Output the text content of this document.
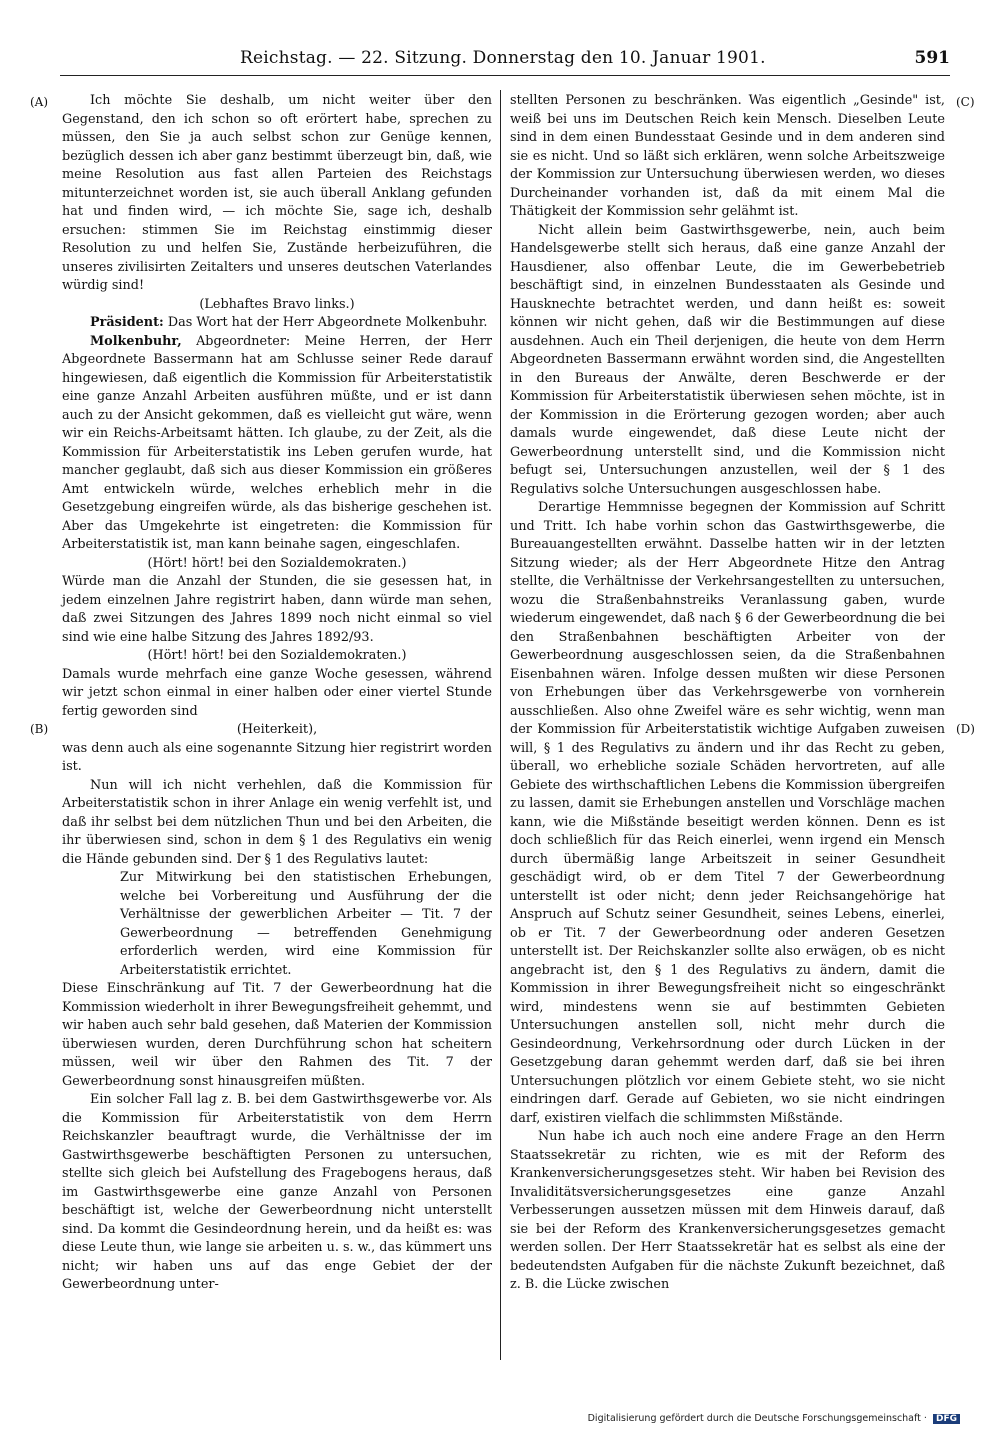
Reichstag. — 22. Sitzung. Donnerstag den 10. Januar 1901.	591
(A)
(B)
(C)
(D)

Ich möchte Sie deshalb, um nicht weiter über den Gegenstand, den ich schon so oft erörtert habe, sprechen zu müssen, den Sie ja auch selbst schon zur Genüge kennen, bezüglich dessen ich aber ganz bestimmt überzeugt bin, daß, wie meine Resolution aus fast allen Parteien des Reichstags mitunterzeichnet worden ist, sie auch überall Anklang gefunden hat und finden wird, — ich möchte Sie, sage ich, deshalb ersuchen: stimmen Sie im Reichstag einstimmig dieser Resolution zu und helfen Sie, Zustände herbeizuführen, die unseres zivilisirten Zeitalters und unseres deutschen Vaterlandes würdig sind!

(Lebhaftes Bravo links.)

Präsident: Das Wort hat der Herr Abgeordnete Molkenbuhr.

Molkenbuhr, Abgeordneter: Meine Herren, der Herr Abgeordnete Bassermann hat am Schlusse seiner Rede darauf hingewiesen, daß eigentlich die Kommission für Arbeiterstatistik eine ganze Anzahl Arbeiten ausführen müßte, und er ist dann auch zu der Ansicht gekommen, daß es vielleicht gut wäre, wenn wir ein Reichs-Arbeitsamt hätten. Ich glaube, zu der Zeit, als die Kommission für Arbeiterstatistik ins Leben gerufen wurde, hat mancher geglaubt, daß sich aus dieser Kommission ein größeres Amt entwickeln würde, welches erheblich mehr in die Gesetzgebung eingreifen würde, als das bisherige geschehen ist. Aber das Umgekehrte ist eingetreten: die Kommission für Arbeiterstatistik ist, man kann beinahe sagen, eingeschlafen.

(Hört! hört! bei den Sozialdemokraten.)

Würde man die Anzahl der Stunden, die sie gesessen hat, in jedem einzelnen Jahre registrirt haben, dann würde man sehen, daß zwei Sitzungen des Jahres 1899 noch nicht einmal so viel sind wie eine halbe Sitzung des Jahres 1892/93.

(Hört! hört! bei den Sozialdemokraten.)

Damals wurde mehrfach eine ganze Woche gesessen, während wir jetzt schon einmal in einer halben oder einer viertel Stunde fertig geworden sind

(Heiterkeit),

was denn auch als eine sogenannte Sitzung hier registrirt worden ist.

Nun will ich nicht verhehlen, daß die Kommission für Arbeiterstatistik schon in ihrer Anlage ein wenig verfehlt ist, und daß ihr selbst bei dem nützlichen Thun und bei den Arbeiten, die ihr überwiesen sind, schon in dem § 1 des Regulativs ein wenig die Hände gebunden sind. Der § 1 des Regulativs lautet:

Zur Mitwirkung bei den statistischen Erhebungen, welche bei Vorbereitung und Ausführung der die Verhältnisse der gewerblichen Arbeiter — Tit. 7 der Gewerbeordnung — betreffenden Genehmigung erforderlich werden, wird eine Kommission für Arbeiterstatistik errichtet.

Diese Einschränkung auf Tit. 7 der Gewerbeordnung hat die Kommission wiederholt in ihrer Bewegungsfreiheit gehemmt, und wir haben auch sehr bald gesehen, daß Materien der Kommission überwiesen wurden, deren Durchführung schon hat scheitern müssen, weil wir über den Rahmen des Tit. 7 der Gewerbeordnung sonst hinausgreifen müßten.

Ein solcher Fall lag z. B. bei dem Gastwirthsgewerbe vor. Als die Kommission für Arbeiterstatistik von dem Herrn Reichskanzler beauftragt wurde, die Verhältnisse der im Gastwirthsgewerbe beschäftigten Personen zu untersuchen, stellte sich gleich bei Aufstellung des Fragebogens heraus, daß im Gastwirthsgewerbe eine ganze Anzahl von Personen beschäftigt ist, welche der Gewerbeordnung nicht unterstellt sind. Da kommt die Gesindeordnung herein, und da heißt es: was diese Leute thun, wie lange sie arbeiten u. s. w., das kümmert uns nicht; wir haben uns auf das enge Gebiet der der Gewerbeordnung unter-

stellten Personen zu beschränken. Was eigentlich „Gesinde" ist, weiß bei uns im Deutschen Reich kein Mensch. Dieselben Leute sind in dem einen Bundesstaat Gesinde und in dem anderen sind sie es nicht. Und so läßt sich erklären, wenn solche Arbeitszweige der Kommission zur Untersuchung überwiesen werden, wo dieses Durcheinander vorhanden ist, daß da mit einem Mal die Thätigkeit der Kommission sehr gelähmt ist.

Nicht allein beim Gastwirthsgewerbe, nein, auch beim Handelsgewerbe stellt sich heraus, daß eine ganze Anzahl der Hausdiener, also offenbar Leute, die im Gewerbebetrieb beschäftigt sind, in einzelnen Bundesstaaten als Gesinde und Hausknechte betrachtet werden, und dann heißt es: soweit können wir nicht gehen, daß wir die Bestimmungen auf diese ausdehnen. Auch ein Theil derjenigen, die heute von dem Herrn Abgeordneten Bassermann erwähnt worden sind, die Angestellten in den Bureaus der Anwälte, deren Beschwerde er der Kommission für Arbeiterstatistik überwiesen sehen möchte, ist in der Kommission in die Erörterung gezogen worden; aber auch damals wurde eingewendet, daß diese Leute nicht der Gewerbeordnung unterstellt sind, und die Kommission nicht befugt sei, Untersuchungen anzustellen, weil der § 1 des Regulativs solche Untersuchungen ausgeschlossen habe.

Derartige Hemmnisse begegnen der Kommission auf Schritt und Tritt. Ich habe vorhin schon das Gastwirthsgewerbe, die Bureauangestellten erwähnt. Dasselbe hatten wir in der letzten Sitzung wieder; als der Herr Abgeordnete Hitze den Antrag stellte, die Verhältnisse der Verkehrsangestellten zu untersuchen, wozu die Straßenbahnstreiks Veranlassung gaben, wurde wiederum eingewendet, daß nach § 6 der Gewerbeordnung die bei den Straßenbahnen beschäftigten Arbeiter von der Gewerbeordnung ausgeschlossen seien, da die Straßenbahnen Eisenbahnen wären. Infolge dessen mußten wir diese Personen von Erhebungen über das Verkehrsgewerbe von vornherein ausschließen. Also ohne Zweifel wäre es sehr wichtig, wenn man der Kommission für Arbeiterstatistik wichtige Aufgaben zuweisen will, § 1 des Regulativs zu ändern und ihr das Recht zu geben, überall, wo erhebliche soziale Schäden hervortreten, auf alle Gebiete des wirthschaftlichen Lebens die Kommission übergreifen zu lassen, damit sie Erhebungen anstellen und Vorschläge machen kann, wie die Mißstände beseitigt werden können. Denn es ist doch schließlich für das Reich einerlei, wenn irgend ein Mensch durch übermäßig lange Arbeitszeit in seiner Gesundheit geschädigt wird, ob er dem Titel 7 der Gewerbeordnung unterstellt ist oder nicht; denn jeder Reichsangehörige hat Anspruch auf Schutz seiner Gesundheit, seines Lebens, einerlei, ob er Tit. 7 der Gewerbeordnung oder anderen Gesetzen unterstellt ist. Der Reichskanzler sollte also erwägen, ob es nicht angebracht ist, den § 1 des Regulativs zu ändern, damit die Kommission in ihrer Bewegungsfreiheit nicht so eingeschränkt wird, mindestens wenn sie auf bestimmten Gebieten Untersuchungen anstellen soll, nicht mehr durch die Gesindeordnung, Verkehrsordnung oder durch Lücken in der Gesetzgebung daran gehemmt werden darf, daß sie bei ihren Untersuchungen plötzlich vor einem Gebiete steht, wo sie nicht eindringen darf. Gerade auf Gebieten, wo sie nicht eindringen darf, existiren vielfach die schlimmsten Mißstände.

Nun habe ich auch noch eine andere Frage an den Herrn Staatssekretär zu richten, wie es mit der Reform des Krankenversicherungsgesetzes steht. Wir haben bei Revision des Invaliditätsversicherungsgesetzes eine ganze Anzahl Verbesserungen aussetzen müssen mit dem Hinweis darauf, daß sie bei der Reform des Krankenversicherungsgesetzes gemacht werden sollen. Der Herr Staatssekretär hat es selbst als eine der bedeutendsten Aufgaben für die nächste Zukunft bezeichnet, daß z. B. die Lücke zwischen

Digitalisierung gefördert durch die Deutsche Forschungsgemeinschaft · DFG
